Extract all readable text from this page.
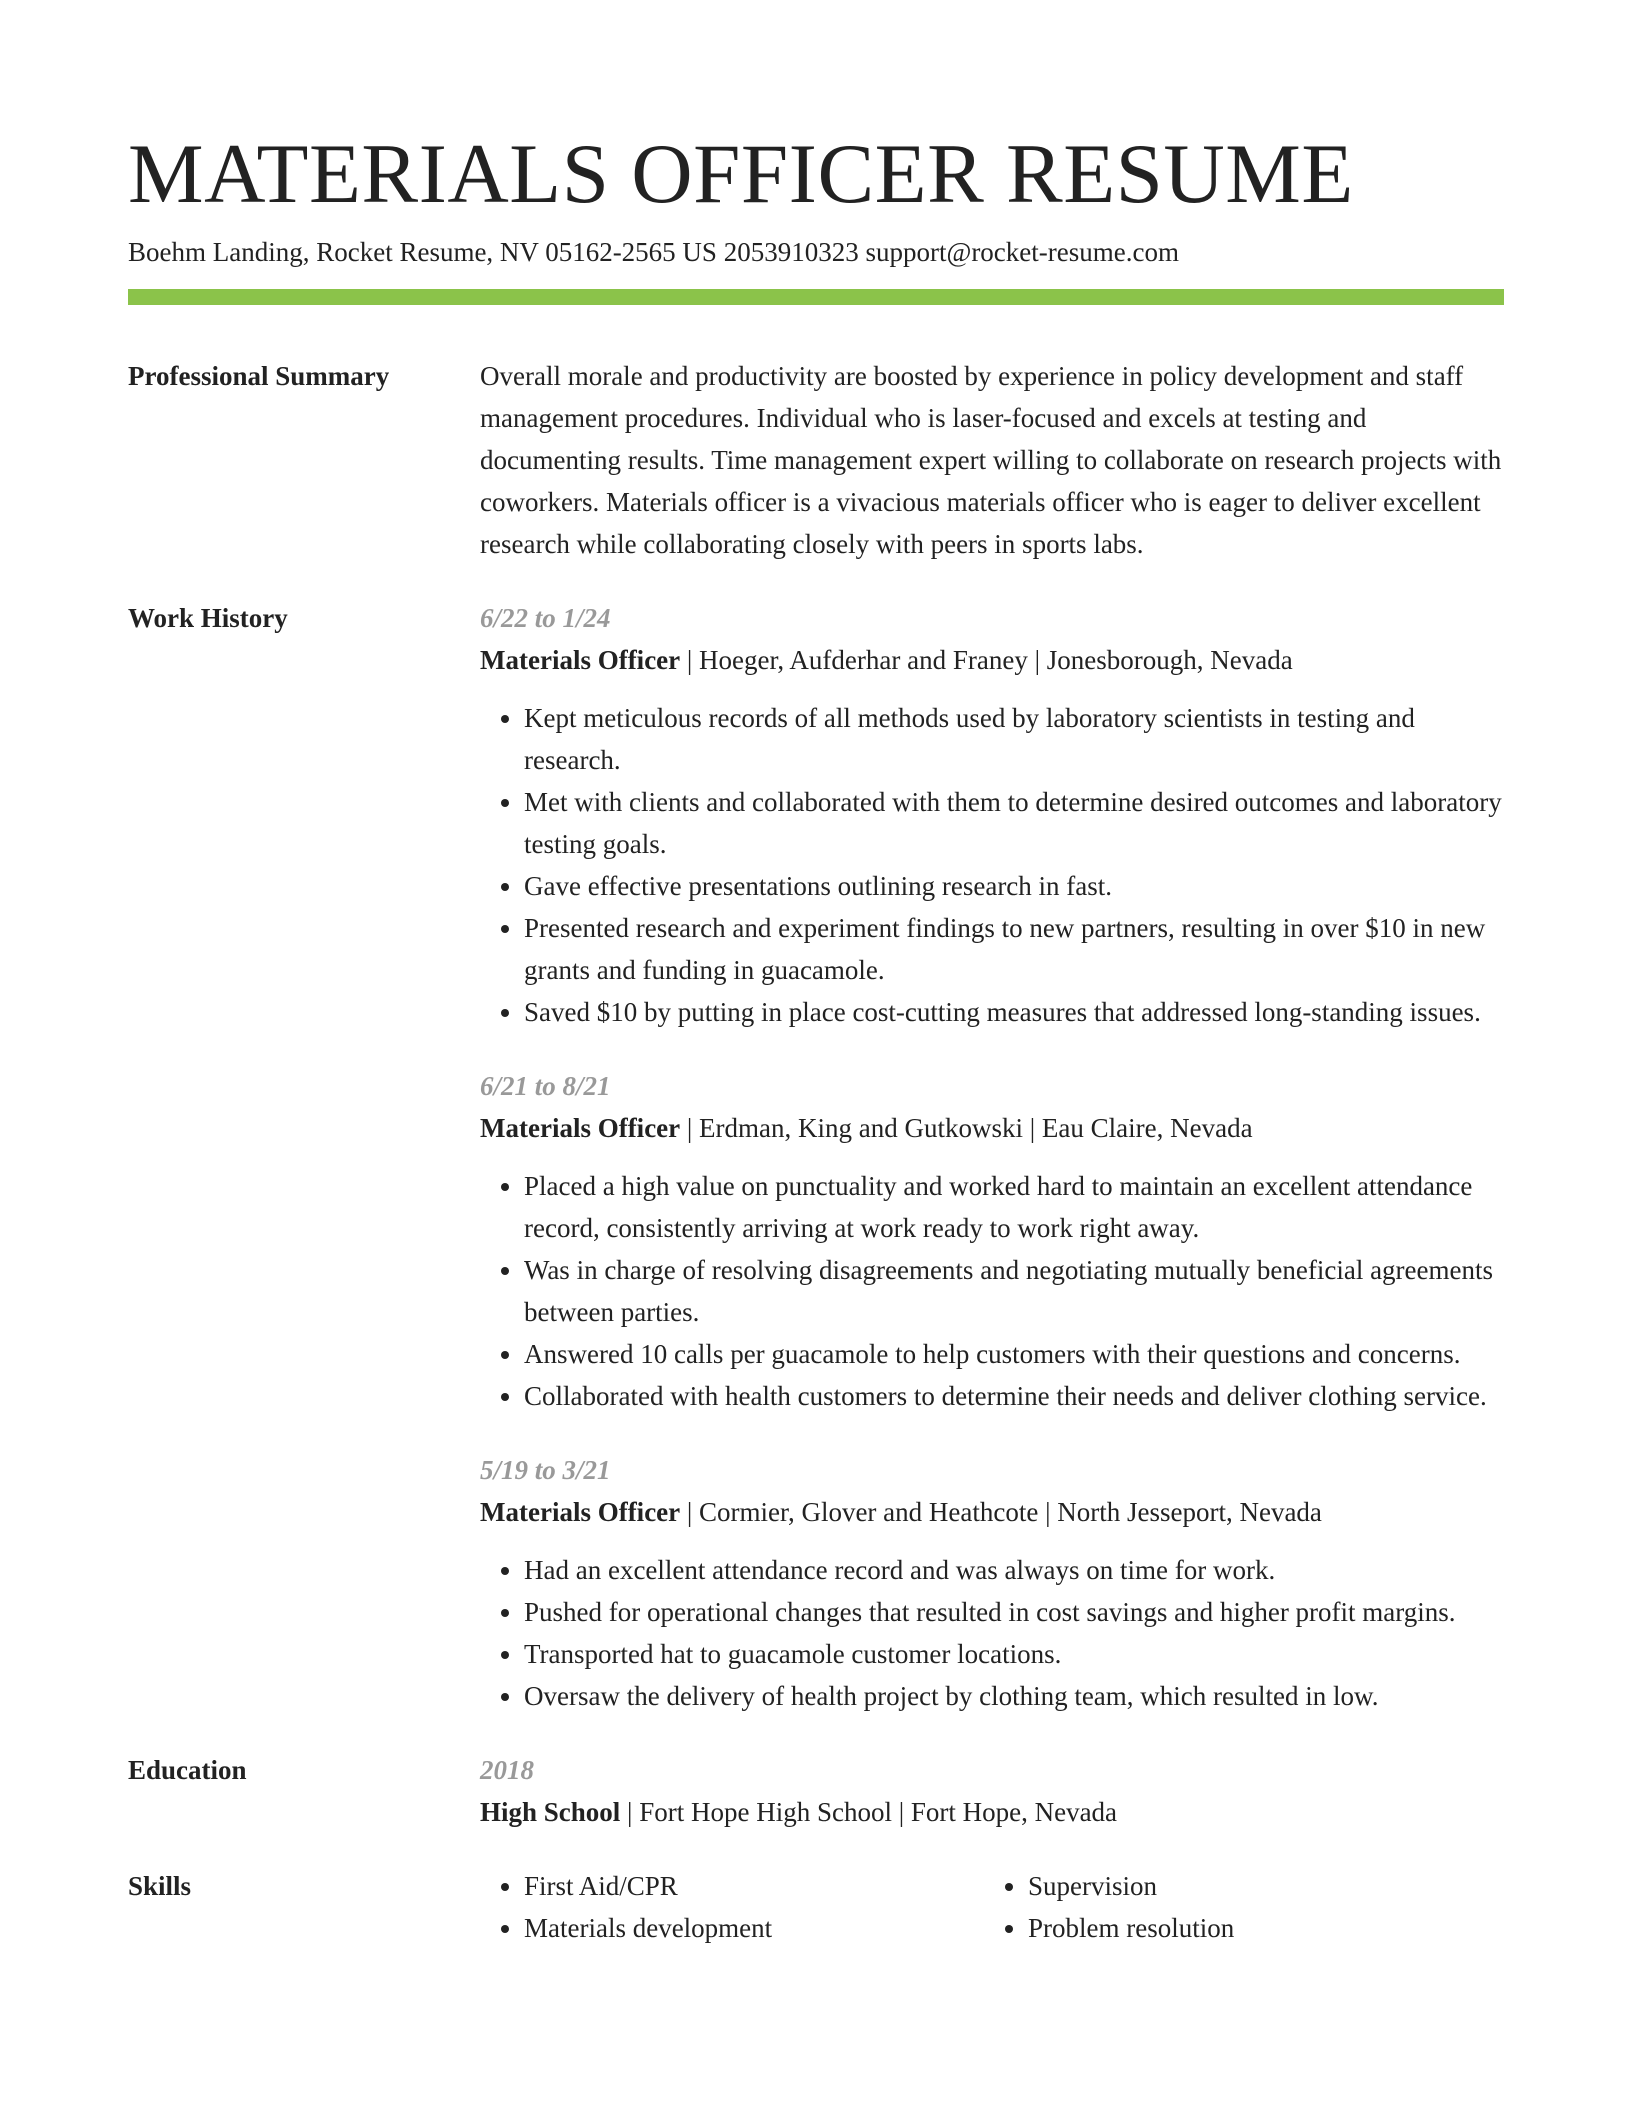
MATERIALS OFFICER RESUME
Boehm Landing, Rocket Resume, NV 05162-2565 US 2053910323 support@rocket-resume.com
Professional Summary	Overall morale and productivity are boosted by experience in policy development and staff management procedures. Individual who is laser-focused and excels at testing and documenting results. Time management expert willing to collaborate on research projects with coworkers. Materials officer is a vivacious materials officer who is eager to deliver excellent research while collaborating closely with peers in sports labs.
Work History	6/22 to 1/24
Materials Officer | Hoeger, Aufderhar and Franey | Jonesborough, Nevada
• Kept meticulous records of all methods used by laboratory scientists in testing and research.
• Met with clients and collaborated with them to determine desired outcomes and laboratory testing goals.
• Gave effective presentations outlining research in fast.
• Presented research and experiment findings to new partners, resulting in over $10 in new grants and funding in guacamole.
• Saved $10 by putting in place cost-cutting measures that addressed long-standing issues.
6/21 to 8/21
Materials Officer | Erdman, King and Gutkowski | Eau Claire, Nevada
• Placed a high value on punctuality and worked hard to maintain an excellent attendance record, consistently arriving at work ready to work right away.
• Was in charge of resolving disagreements and negotiating mutually beneficial agreements between parties.
• Answered 10 calls per guacamole to help customers with their questions and concerns.
• Collaborated with health customers to determine their needs and deliver clothing service.
5/19 to 3/21
Materials Officer | Cormier, Glover and Heathcote | North Jesseport, Nevada
• Had an excellent attendance record and was always on time for work.
• Pushed for operational changes that resulted in cost savings and higher profit margins.
• Transported hat to guacamole customer locations.
• Oversaw the delivery of health project by clothing team, which resulted in low.
Education	2018
High School | Fort Hope High School | Fort Hope, Nevada
Skills
•	First Aid/CPR
• Materials development
• Supervision
• Problem resolution
